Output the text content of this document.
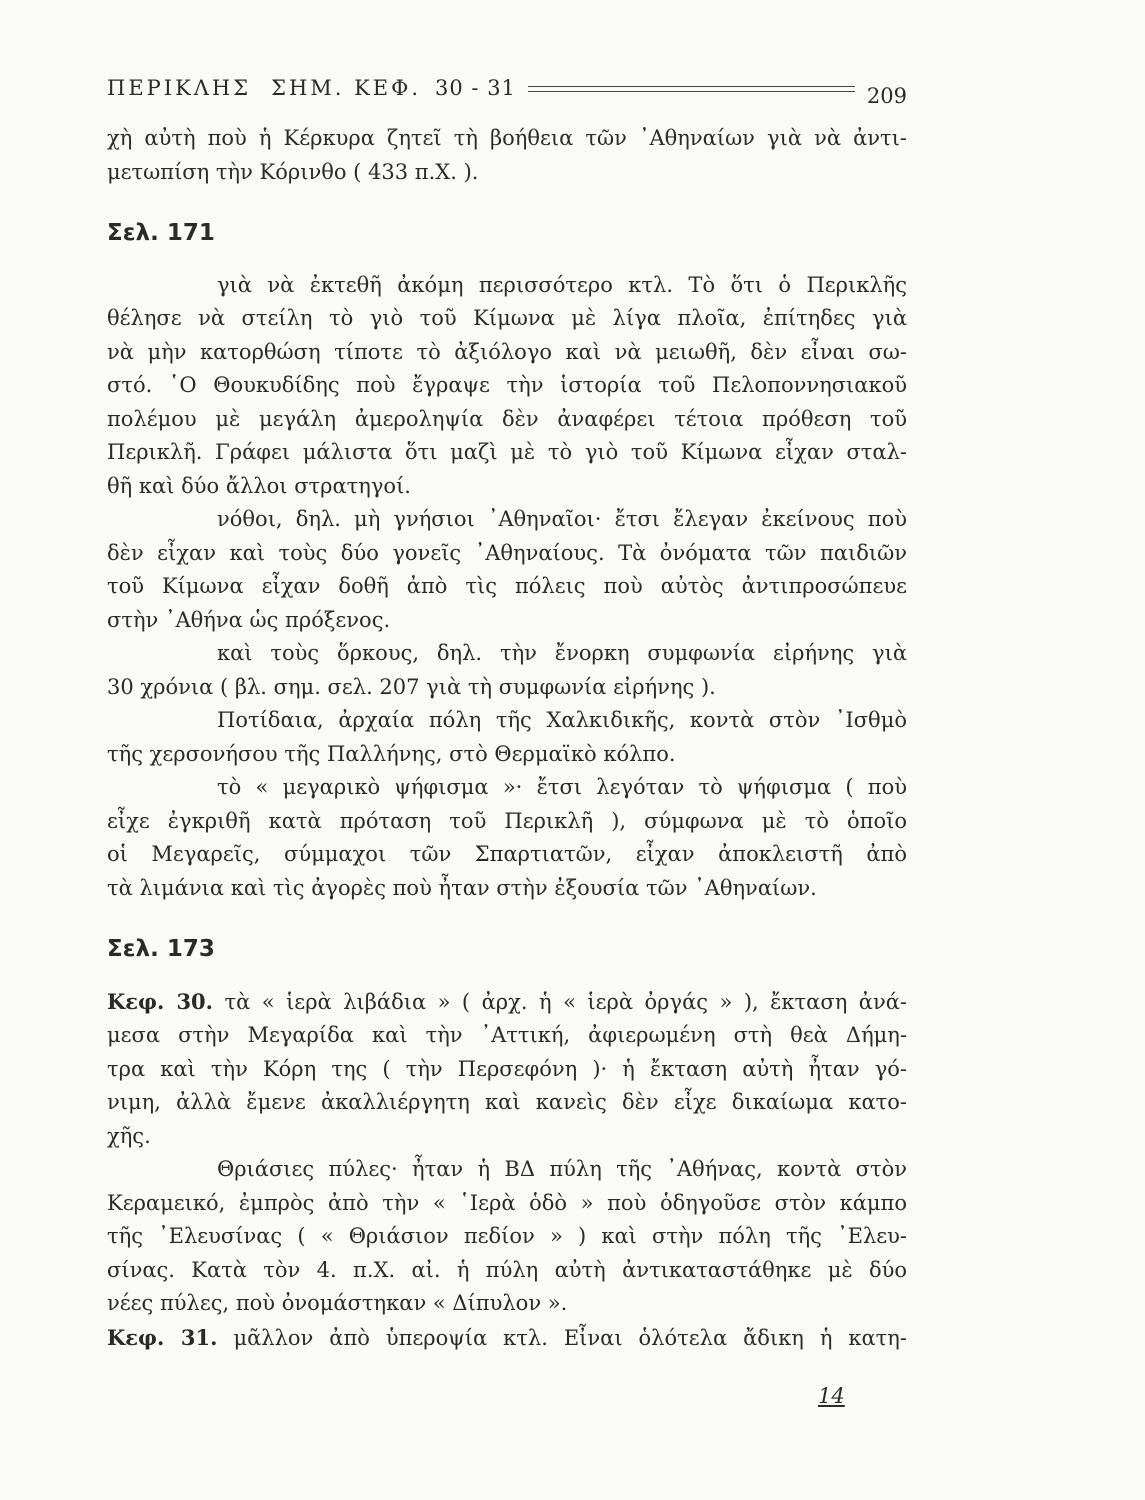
ΠΕΡΙΚΛΗΣ ΣΗΜ. ΚΕΦ. 30 - 31	209
χὴ αὐτὴ ποὺ ἡ Κέρκυρα ζητεῖ τὴ βοήθεια τῶν ᾿Αθηναίων γιὰ νὰ ἀντι-
μετωπίση τὴν Κόρινθο ( 433 π.Χ. ).
Σελ. 171
γιὰ νὰ ἐκτεθῆ ἀκόμη περισσότερο κτλ. Τὸ ὅτι ὁ Περικλῆς
θέλησε νὰ στείλη τὸ γιὸ τοῦ Κίμωνα μὲ λίγα πλοῖα, ἐπίτηδες γιὰ
νὰ μὴν κατορθώση τίποτε τὸ ἀξιόλογο καὶ νὰ μειωθῆ, δὲν εἶναι σω-
στό. ῾Ο Θουκυδίδης ποὺ ἔγραψε τὴν ἱστορία τοῦ Πελοποννησιακοῦ
πολέμου μὲ μεγάλη ἀμεροληψία δὲν ἀναφέρει τέτοια πρόθεση τοῦ
Περικλῆ. Γράφει μάλιστα ὅτι μαζὶ μὲ τὸ γιὸ τοῦ Κίμωνα εἶχαν σταλ-
θῆ καὶ δύο ἄλλοι στρατηγοί.
νόθοι, δηλ. μὴ γνήσιοι ᾿Αθηναῖοι· ἔτσι ἔλεγαν ἐκείνους ποὺ
δὲν εἶχαν καὶ τοὺς δύο γονεῖς ᾿Αθηναίους. Τὰ ὀνόματα τῶν παιδιῶν
τοῦ Κίμωνα εἶχαν δοθῆ ἀπὸ τὶς πόλεις ποὺ αὐτὸς ἀντιπροσώπευε
στὴν ᾿Αθήνα ὡς πρόξενος.
καὶ τοὺς ὅρκους, δηλ. τὴν ἔνορκη συμφωνία εἰρήνης γιὰ
30 χρόνια ( βλ. σημ. σελ. 207 γιὰ τὴ συμφωνία εἰρήνης ).
Ποτίδαια, ἀρχαία πόλη τῆς Χαλκιδικῆς, κοντὰ στὸν ᾿Ισθμὸ
τῆς χερσονήσου τῆς Παλλήνης, στὸ Θερμαϊκὸ κόλπο.
τὸ « μεγαρικὸ ψήφισμα »· ἔτσι λεγόταν τὸ ψήφισμα ( ποὺ
εἶχε ἐγκριθῆ κατὰ πρόταση τοῦ Περικλῆ ), σύμφωνα μὲ τὸ ὁποῖο
οἱ Μεγαρεῖς, σύμμαχοι τῶν Σπαρτιατῶν, εἶχαν ἀποκλειστῆ ἀπὸ
τὰ λιμάνια καὶ τὶς ἀγορὲς ποὺ ἦταν στὴν ἐξουσία τῶν ᾿Αθηναίων.
Σελ. 173
Κεφ. 30. τὰ « ἱερὰ λιβάδια » ( ἀρχ. ἡ « ἱερὰ ὀργάς » ), ἔκταση ἀνά-
μεσα στὴν Μεγαρίδα καὶ τὴν ᾿Αττική, ἀφιερωμένη στὴ θεὰ Δήμη-
τρα καὶ τὴν Κόρη της ( τὴν Περσεφόνη )· ἡ ἔκταση αὐτὴ ἦταν γό-
νιμη, ἀλλὰ ἔμενε ἀκαλλιέργητη καὶ κανεὶς δὲν εἶχε δικαίωμα κατο-
χῆς.
Θριάσιες πύλες· ἦταν ἡ ΒΔ πύλη τῆς ᾿Αθήνας, κοντὰ στὸν
Κεραμεικό, ἐμπρὸς ἀπὸ τὴν « ῾Ιερὰ ὁδὸ » ποὺ ὁδηγοῦσε στὸν κάμπο
τῆς ᾿Ελευσίνας ( « Θριάσιον πεδίον » ) καὶ στὴν πόλη τῆς ᾿Ελευ-
σίνας. Κατὰ τὸν 4. π.Χ. αἰ. ἡ πύλη αὐτὴ ἀντικαταστάθηκε μὲ δύο
νέες πύλες, ποὺ ὀνομάστηκαν « Δίπυλον ».
Κεφ. 31. μᾶλλον ἀπὸ ὑπεροψία κτλ. Εἶναι ὁλότελα ἄδικη ἡ κατη-
14
